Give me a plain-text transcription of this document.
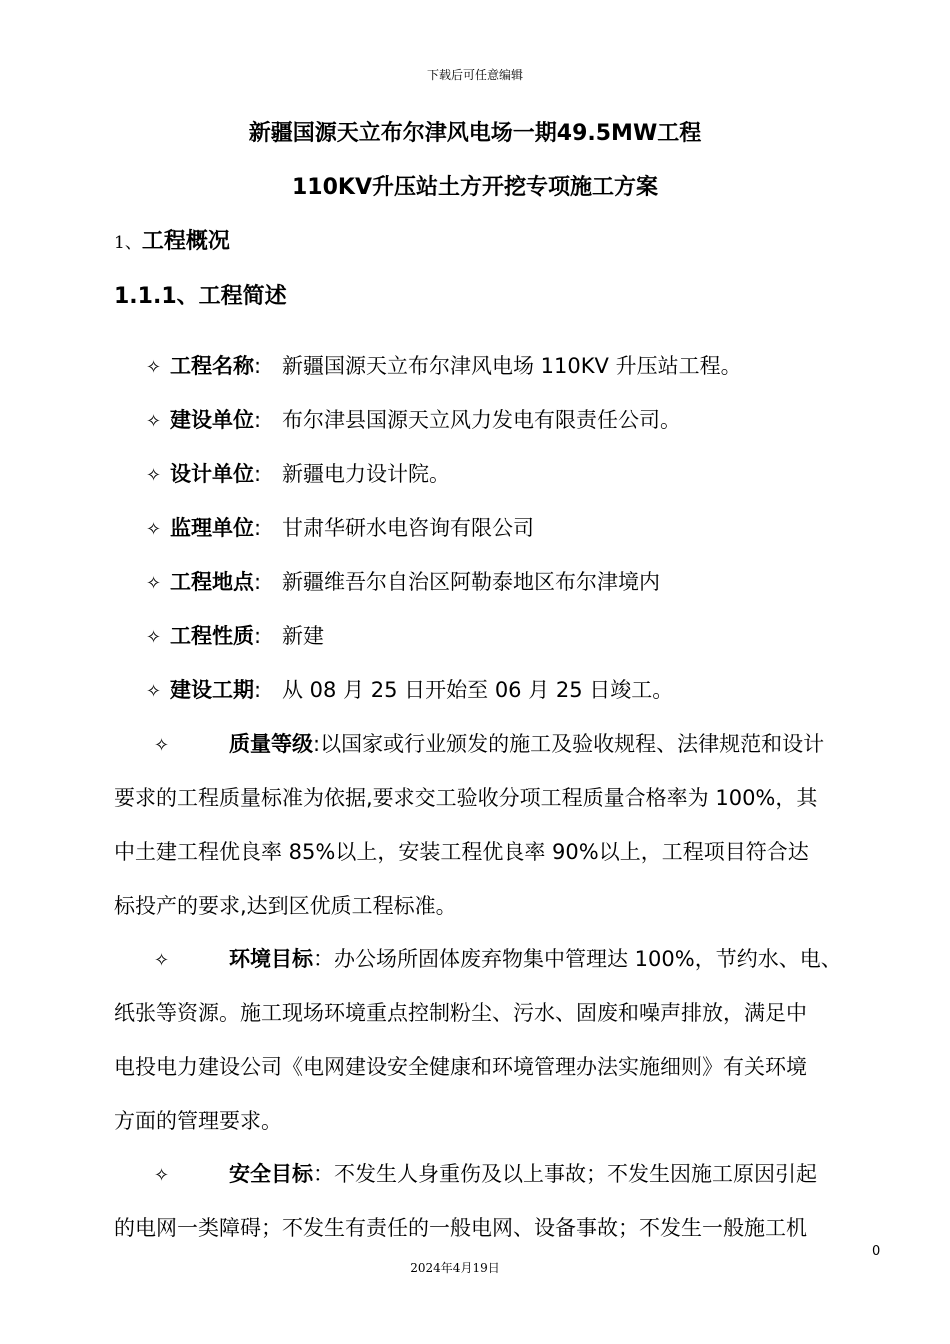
下载后可任意编辑
新疆国源天立布尔津风电场一期49.5MW工程
110KV升压站土方开挖专项施工方案
1、工程概况
1.1.1、工程简述
✧ 工程名称: 新疆国源天立布尔津风电场 110KV 升压站工程。
✧ 建设单位: 布尔津县国源天立风力发电有限责任公司。
✧ 设计单位: 新疆电力设计院。
✧ 监理单位: 甘肃华研水电咨询有限公司
✧ 工程地点: 新疆维吾尔自治区阿勒泰地区布尔津境内
✧ 工程性质: 新建
✧ 建设工期: 从 08 月 25 日开始至 06 月 25 日竣工。
✧	质量等级:以国家或行业颁发的施工及验收规程、法律规范和设计
要求的工程质量标准为依据,要求交工验收分项工程质量合格率为 100%，其
中土建工程优良率 85%以上，安装工程优良率 90%以上，工程项目符合达
标投产的要求,达到区优质工程标准。
✧	环境目标：办公场所固体废弃物集中管理达 100%，节约水、电、
纸张等资源。施工现场环境重点控制粉尘、污水、固废和噪声排放，满足中
电投电力建设公司《电网建设安全健康和环境管理办法实施细则》有关环境
方面的管理要求。
✧	安全目标：不发生人身重伤及以上事故；不发生因施工原因引起
的电网一类障碍；不发生有责任的一般电网、设备事故；不发生一般施工机
0
2024年4月19日
